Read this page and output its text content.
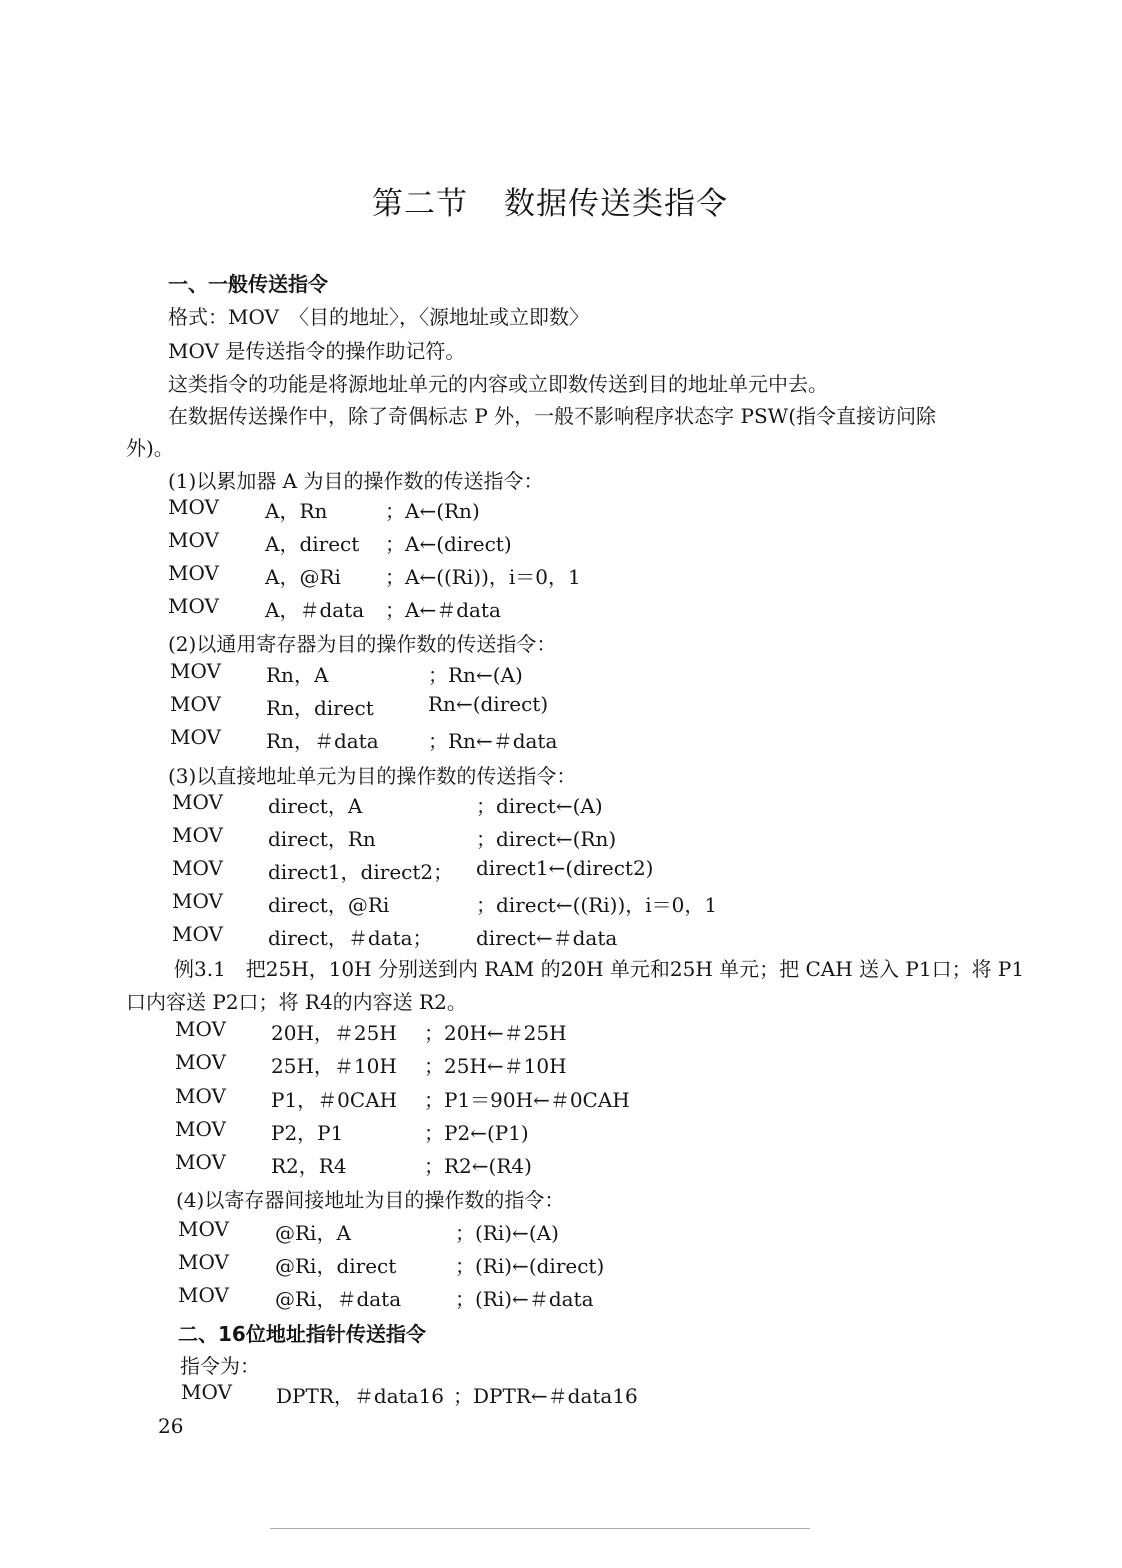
第二节 数据传送类指令
一、一般传送指令
格式：MOV　〈目的地址〉，〈源地址或立即数〉
MOV 是传送指令的操作助记符。
这类指令的功能是将源地址单元的内容或立即数传送到目的地址单元中去。
在数据传送操作中，除了奇偶标志 P 外，一般不影响程序状态字 PSW(指令直接访问除
外)。
(1)以累加器 A 为目的操作数的传送指令：
MOV A，Rn	；A←(Rn)
MOV A，direct ；A←(direct)
MOV A，@Ri ；A←((Ri))，i＝0，1
MOV A，＃data ；A←＃data
(2)以通用寄存器为目的操作数的传送指令：
MOV Rn，A	；Rn←(A)
MOV Rn，direct	Rn←(direct)
MOV Rn，＃data ；Rn←＃data
(3)以直接地址单元为目的操作数的传送指令：
MOV direct，A	；direct←(A)
MOV direct，Rn	；direct←(Rn)
MOV direct1，direct2； direct1←(direct2)
MOV direct，@Ri	；direct←((Ri))，i＝0，1
MOV direct，＃data； direct←＃data
例3.1　把25H，10H 分别送到内 RAM 的20H 单元和25H 单元；把 CAH 送入 P1口；将 P1
口内容送 P2口；将 R4的内容送 R2。
MOV 20H，＃25H ；20H←＃25H
MOV 25H，＃10H ；25H←＃10H
MOV P1，＃0CAH ；P1＝90H←＃0CAH
MOV P2，P1	；P2←(P1)
MOV R2，R4	；R2←(R4)
(4)以寄存器间接地址为目的操作数的指令：
MOV @Ri，A	；(Ri)←(A)
MOV @Ri，direct	；(Ri)←(direct)
MOV @Ri，＃data	；(Ri)←＃data
二、16位地址指针传送指令
指令为：
MOV DPTR，＃data16 ；DPTR←＃data16
26
